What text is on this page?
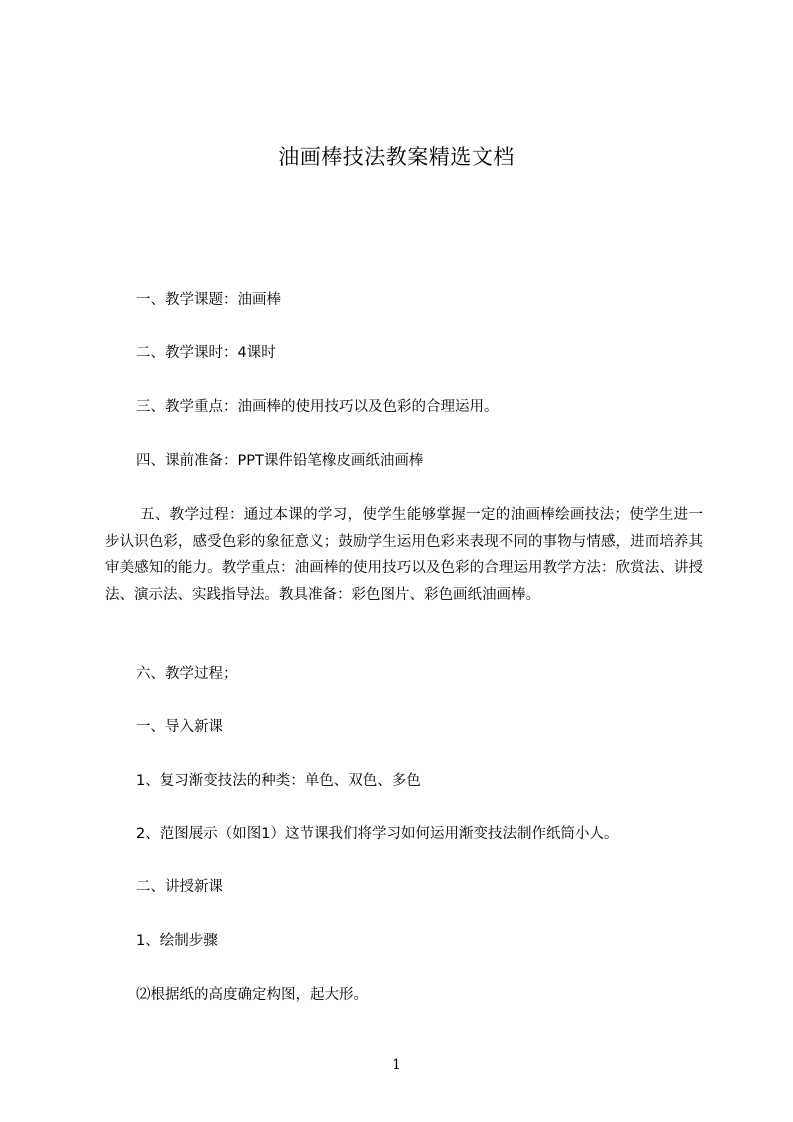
油画棒技法教案精选文档
一、教学课题：油画棒
二、教学课时：4课时
三、教学重点：油画棒的使用技巧以及色彩的合理运用。
四、课前准备：PPT课件铅笔橡皮画纸油画棒
五、教学过程：通过本课的学习，使学生能够掌握一定的油画棒绘画技法；使学生进一步认识色彩，感受色彩的象征意义；鼓励学生运用色彩来表现不同的事物与情感，进而培养其审美感知的能力。教学重点：油画棒的使用技巧以及色彩的合理运用教学方法：欣赏法、讲授法、演示法、实践指导法。教具准备：彩色图片、彩色画纸油画棒。
六、教学过程；
一、导入新课
1、复习渐变技法的种类：单色、双色、多色
2、范图展示（如图1）这节课我们将学习如何运用渐变技法制作纸筒小人。
二、讲授新课
1、绘制步骤
⑵根据纸的高度确定构图，起大形。
1
